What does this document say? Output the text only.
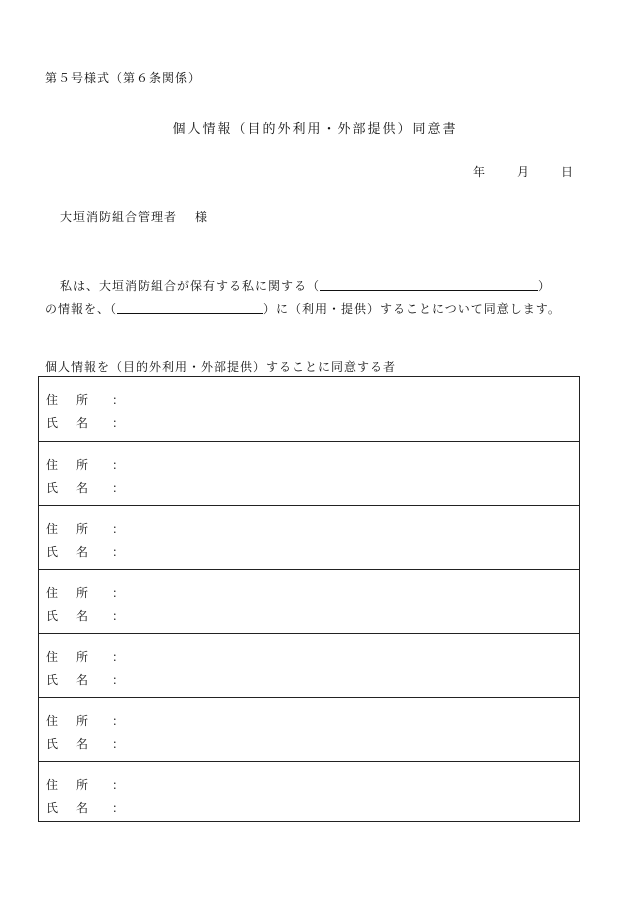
第５号様式（第６条関係）
個人情報（目的外利用・外部提供）同意書
年	月	日
大垣消防組合管理者 様
私は、大垣消防組合が保有する私に関する（	）
の情報を、（	）に（利用・提供）することについて同意します。
個人情報を（目的外利用・外部提供）することに同意する者
住所 ：
氏名 ：
住所 ：
氏名 ：
住所 ：
氏名 ：
住所 ：
氏名 ：
住所 ：
氏名 ：
住所 ：
氏名 ：
住所 ：
氏名 ：
